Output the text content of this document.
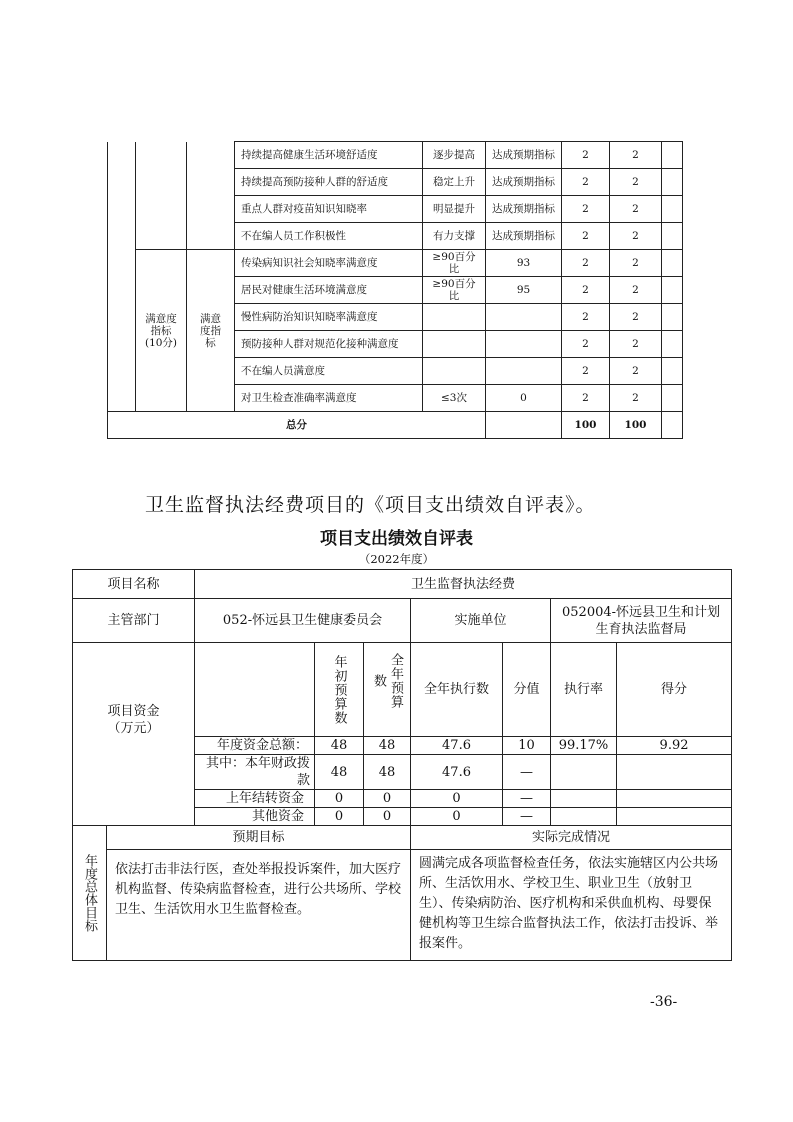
			持续提高健康生活环境舒适度	逐步提高	达成预期指标	2	2	
			持续提高预防接种人群的舒适度	稳定上升	达成预期指标	2	2	
			重点人群对疫苗知识知晓率	明显提升	达成预期指标	2	2	
			不在编人员工作积极性	有力支撑	达成预期指标	2	2	
	满意度指标(10分)	满意度指标	传染病知识社会知晓率满意度	≥90百分比	93	2	2	
			居民对健康生活环境满意度	≥90百分比	95	2	2	
			慢性病防治知识知晓率满意度			2	2	
			预防接种人群对规范化接种满意度			2	2	
			不在编人员满意度			2	2	
			对卫生检查准确率满意度	≤3次	0	2	2	
总分						100	100	
卫生监督执法经费项目的《项目支出绩效自评表》。
项目支出绩效自评表
（2022年度）
项目名称		卫生监督执法经费						
主管部门		052-怀远县卫生健康委员会			实施单位		052004-怀远县卫生和计划生育执法监督局	

项目资金
（万元）			年初预算数	全年预算数	全年执行数	分值	执行率	得分
		年度资金总额：	48	48	47.6	10	99.17%	9.92
		其中：本年财政拨款	48	48	47.6	—		
		上年结转资金	0	0	0	—		
		其他资金	0	0	0	—		

年度总体目标	预期目标				实际完成情况			
	依法打击非法行医，查处举报投诉案件，加大医疗机构监督、传染病监督检查，进行公共场所、学校卫生、生活饮用水卫生监督检查。				圆满完成各项监督检查任务，依法实施辖区内公共场所、生活饮用水、学校卫生、职业卫生（放射卫生）、传染病防治、医疗机构和采供血机构、母婴保健机构等卫生综合监督执法工作，依法打击投诉、举报案件。			
-36-
